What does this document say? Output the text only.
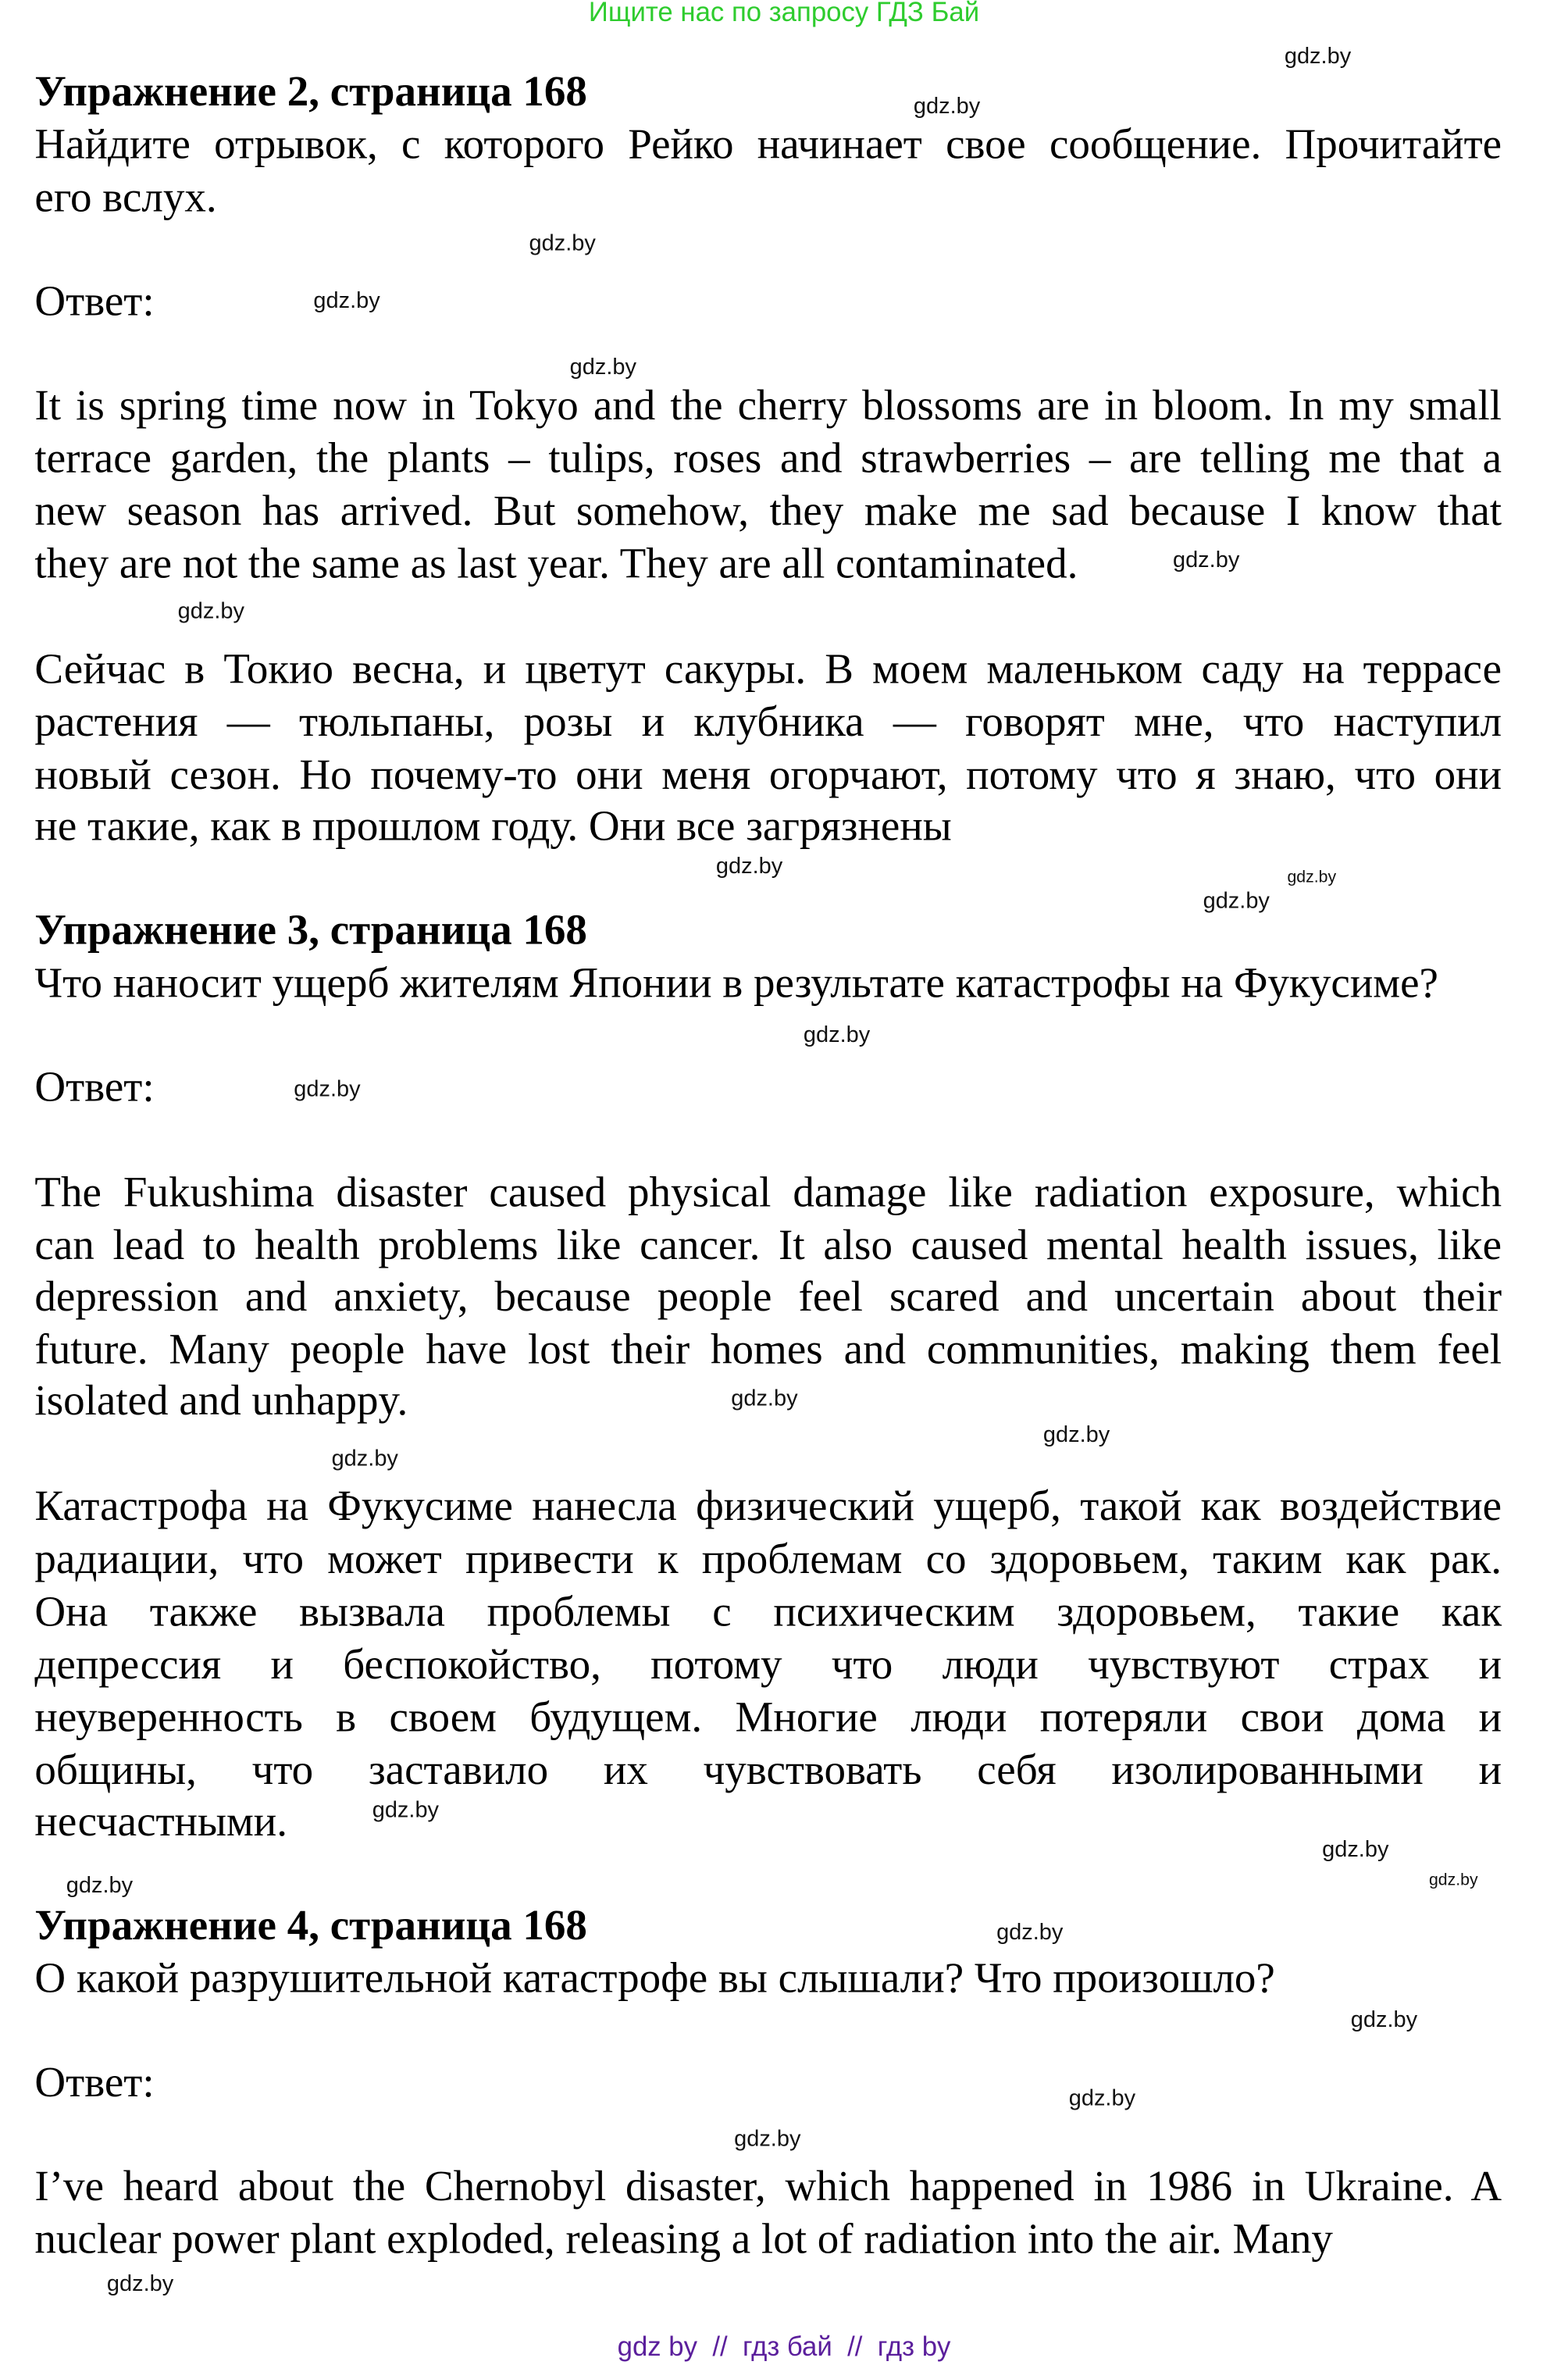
Ищите нас по запросу ГДЗ Бай
Упражнение 2, страница 168
Найдите отрывок, с которого Рейко начинает свое сообщение. Прочитайте
его вслух.
Ответ:
It is spring time now in Tokyo and the cherry blossoms are in bloom. In my small
terrace garden, the plants – tulips, roses and strawberries – are telling me that a
new season has arrived. But somehow, they make me sad because I know that
they are not the same as last year. They are all contaminated.
Сейчас в Токио весна, и цветут сакуры. В моем маленьком саду на террасе
растения — тюльпаны, розы и клубника — говорят мне, что наступил
новый сезон. Но почему-то они меня огорчают, потому что я знаю, что они
не такие, как в прошлом году. Они все загрязнены
Упражнение 3, страница 168
Что наносит ущерб жителям Японии в результате катастрофы на Фукусиме?
Ответ:
The Fukushima disaster caused physical damage like radiation exposure, which
can lead to health problems like cancer. It also caused mental health issues, like
depression and anxiety, because people feel scared and uncertain about their
future. Many people have lost their homes and communities, making them feel
isolated and unhappy.
Катастрофа на Фукусиме нанесла физический ущерб, такой как воздействие
радиации, что может привести к проблемам со здоровьем, таким как рак.
Она также вызвала проблемы с психическим здоровьем, такие как
депрессия и беспокойство, потому что люди чувствуют страх и
неуверенность в своем будущем. Многие люди потеряли свои дома и
общины, что заставило их чувствовать себя изолированными и
несчастными.
Упражнение 4, страница 168
О какой разрушительной катастрофе вы слышали? Что произошло?
Ответ:
I’ve heard about the Chernobyl disaster, which happened in 1986 in Ukraine. A
nuclear power plant exploded, releasing a lot of radiation into the air. Many
gdz.by
gdz.by
gdz.by
gdz.by
gdz.by
gdz.by
gdz.by
gdz.by
gdz.by
gdz.by
gdz.by
gdz.by
gdz.by
gdz.by
gdz.by
gdz.by
gdz.by
gdz.by
gdz.by
gdz.by
gdz.by
gdz.by
gdz.by
gdz.by
gdz by  //  гдз бай  //  гдз by
